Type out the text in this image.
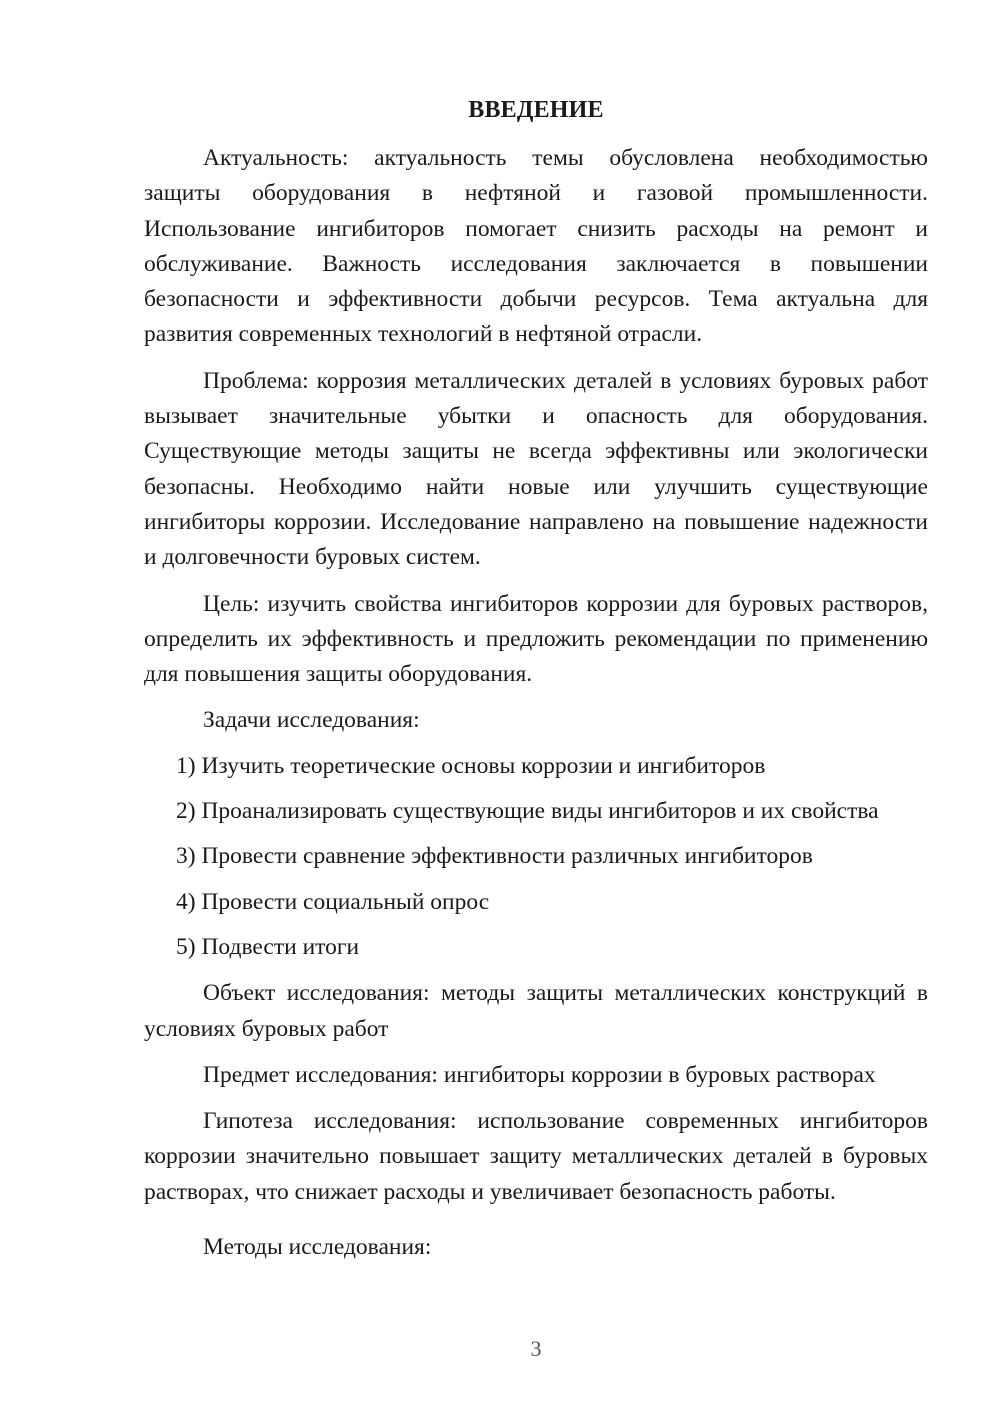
ВВЕДЕНИЕ

Актуальность: актуальность темы обусловлена необходимостью защиты оборудования в нефтяной и газовой промышленности. Использование ингибиторов помогает снизить расходы на ремонт и обслуживание. Важность исследования заключается в повышении безопасности и эффективности добычи ресурсов. Тема актуальна для развития современных технологий в нефтяной отрасли.

Проблема: коррозия металлических деталей в условиях буровых работ вызывает значительные убытки и опасность для оборудования. Существующие методы защиты не всегда эффективны или экологически безопасны. Необходимо найти новые или улучшить существующие ингибиторы коррозии. Исследование направлено на повышение надежности и долговечности буровых систем.

Цель: изучить свойства ингибиторов коррозии для буровых растворов, определить их эффективность и предложить рекомендации по применению для повышения защиты оборудования.

Задачи исследования:

1) Изучить теоретические основы коррозии и ингибиторов
2) Проанализировать существующие виды ингибиторов и их свойства
3) Провести сравнение эффективности различных ингибиторов
4) Провести социальный опрос
5) Подвести итоги

Объект исследования: методы защиты металлических конструкций в условиях буровых работ

Предмет исследования: ингибиторы коррозии в буровых растворах

Гипотеза исследования: использование современных ингибиторов коррозии значительно повышает защиту металлических деталей в буровых растворах, что снижает расходы и увеличивает безопасность работы.

Методы исследования:

3
